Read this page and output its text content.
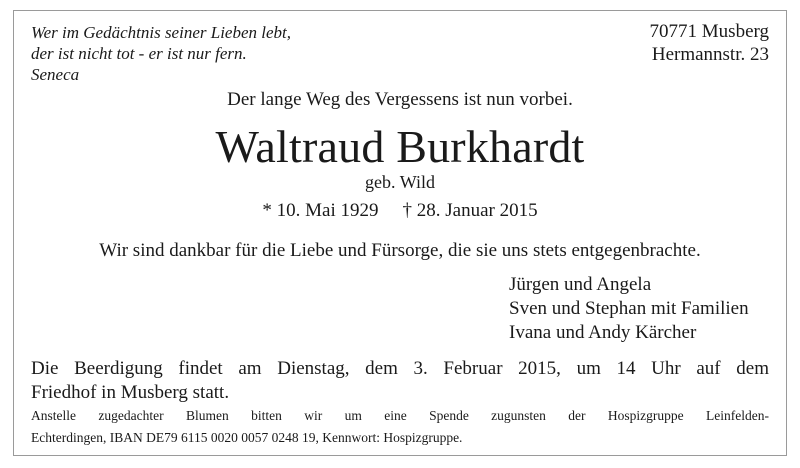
Wer im Gedächtnis seiner Lieben lebt,
der ist nicht tot - er ist nur fern.
Seneca
70771 Musberg
Hermannstr. 23
Der lange Weg des Vergessens ist nun vorbei.
Waltraud Burkhardt
geb. Wild
* 10. Mai 1929 † 28. Januar 2015
Wir sind dankbar für die Liebe und Fürsorge, die sie uns stets entgegenbrachte.
Jürgen und Angela
Sven und Stephan mit Familien
Ivana und Andy Kärcher
Die Beerdigung findet am Dienstag, dem 3. Februar 2015, um 14 Uhr auf dem
Friedhof in Musberg statt.
Anstelle zugedachter Blumen bitten wir um eine Spende zugunsten der Hospizgruppe Leinfelden-
Echterdingen, IBAN DE79 6115 0020 0057 0248 19, Kennwort: Hospizgruppe.
